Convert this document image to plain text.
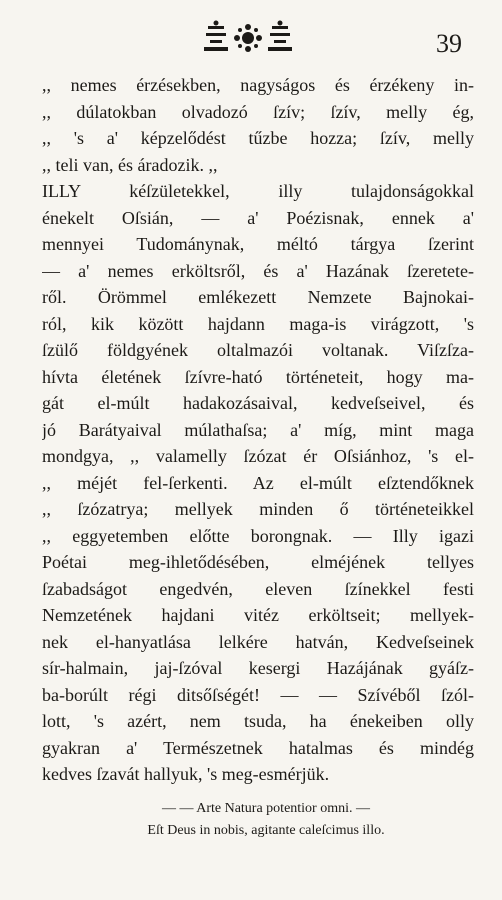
39
,, nemes érzésekben, nagyságos és érzékeny in-
,, dúlatokban olvadozó ſzív; ſzív, melly ég,
,, 's a' képzelődést tűzbe hozza; ſzív, melly
,, teli van, és áradozik. ,,
ILLY kéſzületekkel, illy tulajdonságokkal
énekelt Oſsián, — a' Poézisnak, ennek a'
mennyei Tudománynak, méltó tárgya ſzerint
— a' nemes erköltsről, és a' Hazának ſzeretete-
ről. Örömmel emlékezett Nemzete Bajnokai-
ról, kik között hajdann maga-is virágzott, 's
ſzülő földgyének oltalmazói voltanak. Viſzſza-
hívta életének ſzívre-ható történeteit, hogy ma-
gát el-múlt hadakozásaival, kedveſseivel, és
jó Barátyaival múlathaſsa; a' míg, mint maga
mondgya, ,, valamelly ſzózat ér Oſsiánhoz, 's el-
,, méjét fel-ſerkenti. Az el-múlt eſztendőknek
,, ſzózatrya; mellyek minden ő történeteikkel
,, eggyetemben előtte borongnak. — Illy igazi
Poétai meg-ihletődésében, elméjének tellyes
ſzabadságot engedvén, eleven ſzínekkel festi
Nemzetének hajdani vitéz erköltseit; mellyek-
nek el-hanyatlása lelkére hatván, Kedveſseinek
sír-halmain, jaj-ſzóval kesergi Hazájának gyáſz-
ba-borúlt régi ditsőſségét! — — Szívéből ſzól-
lott, 's azért, nem tsuda, ha énekeiben olly
gyakran a' Természetnek hatalmas és mindég
kedves ſzavát hallyuk, 's meg-esmérjük.
— — Arte Natura potentior omni. —
Eſt Deus in nobis, agitante caleſcimus illo.
